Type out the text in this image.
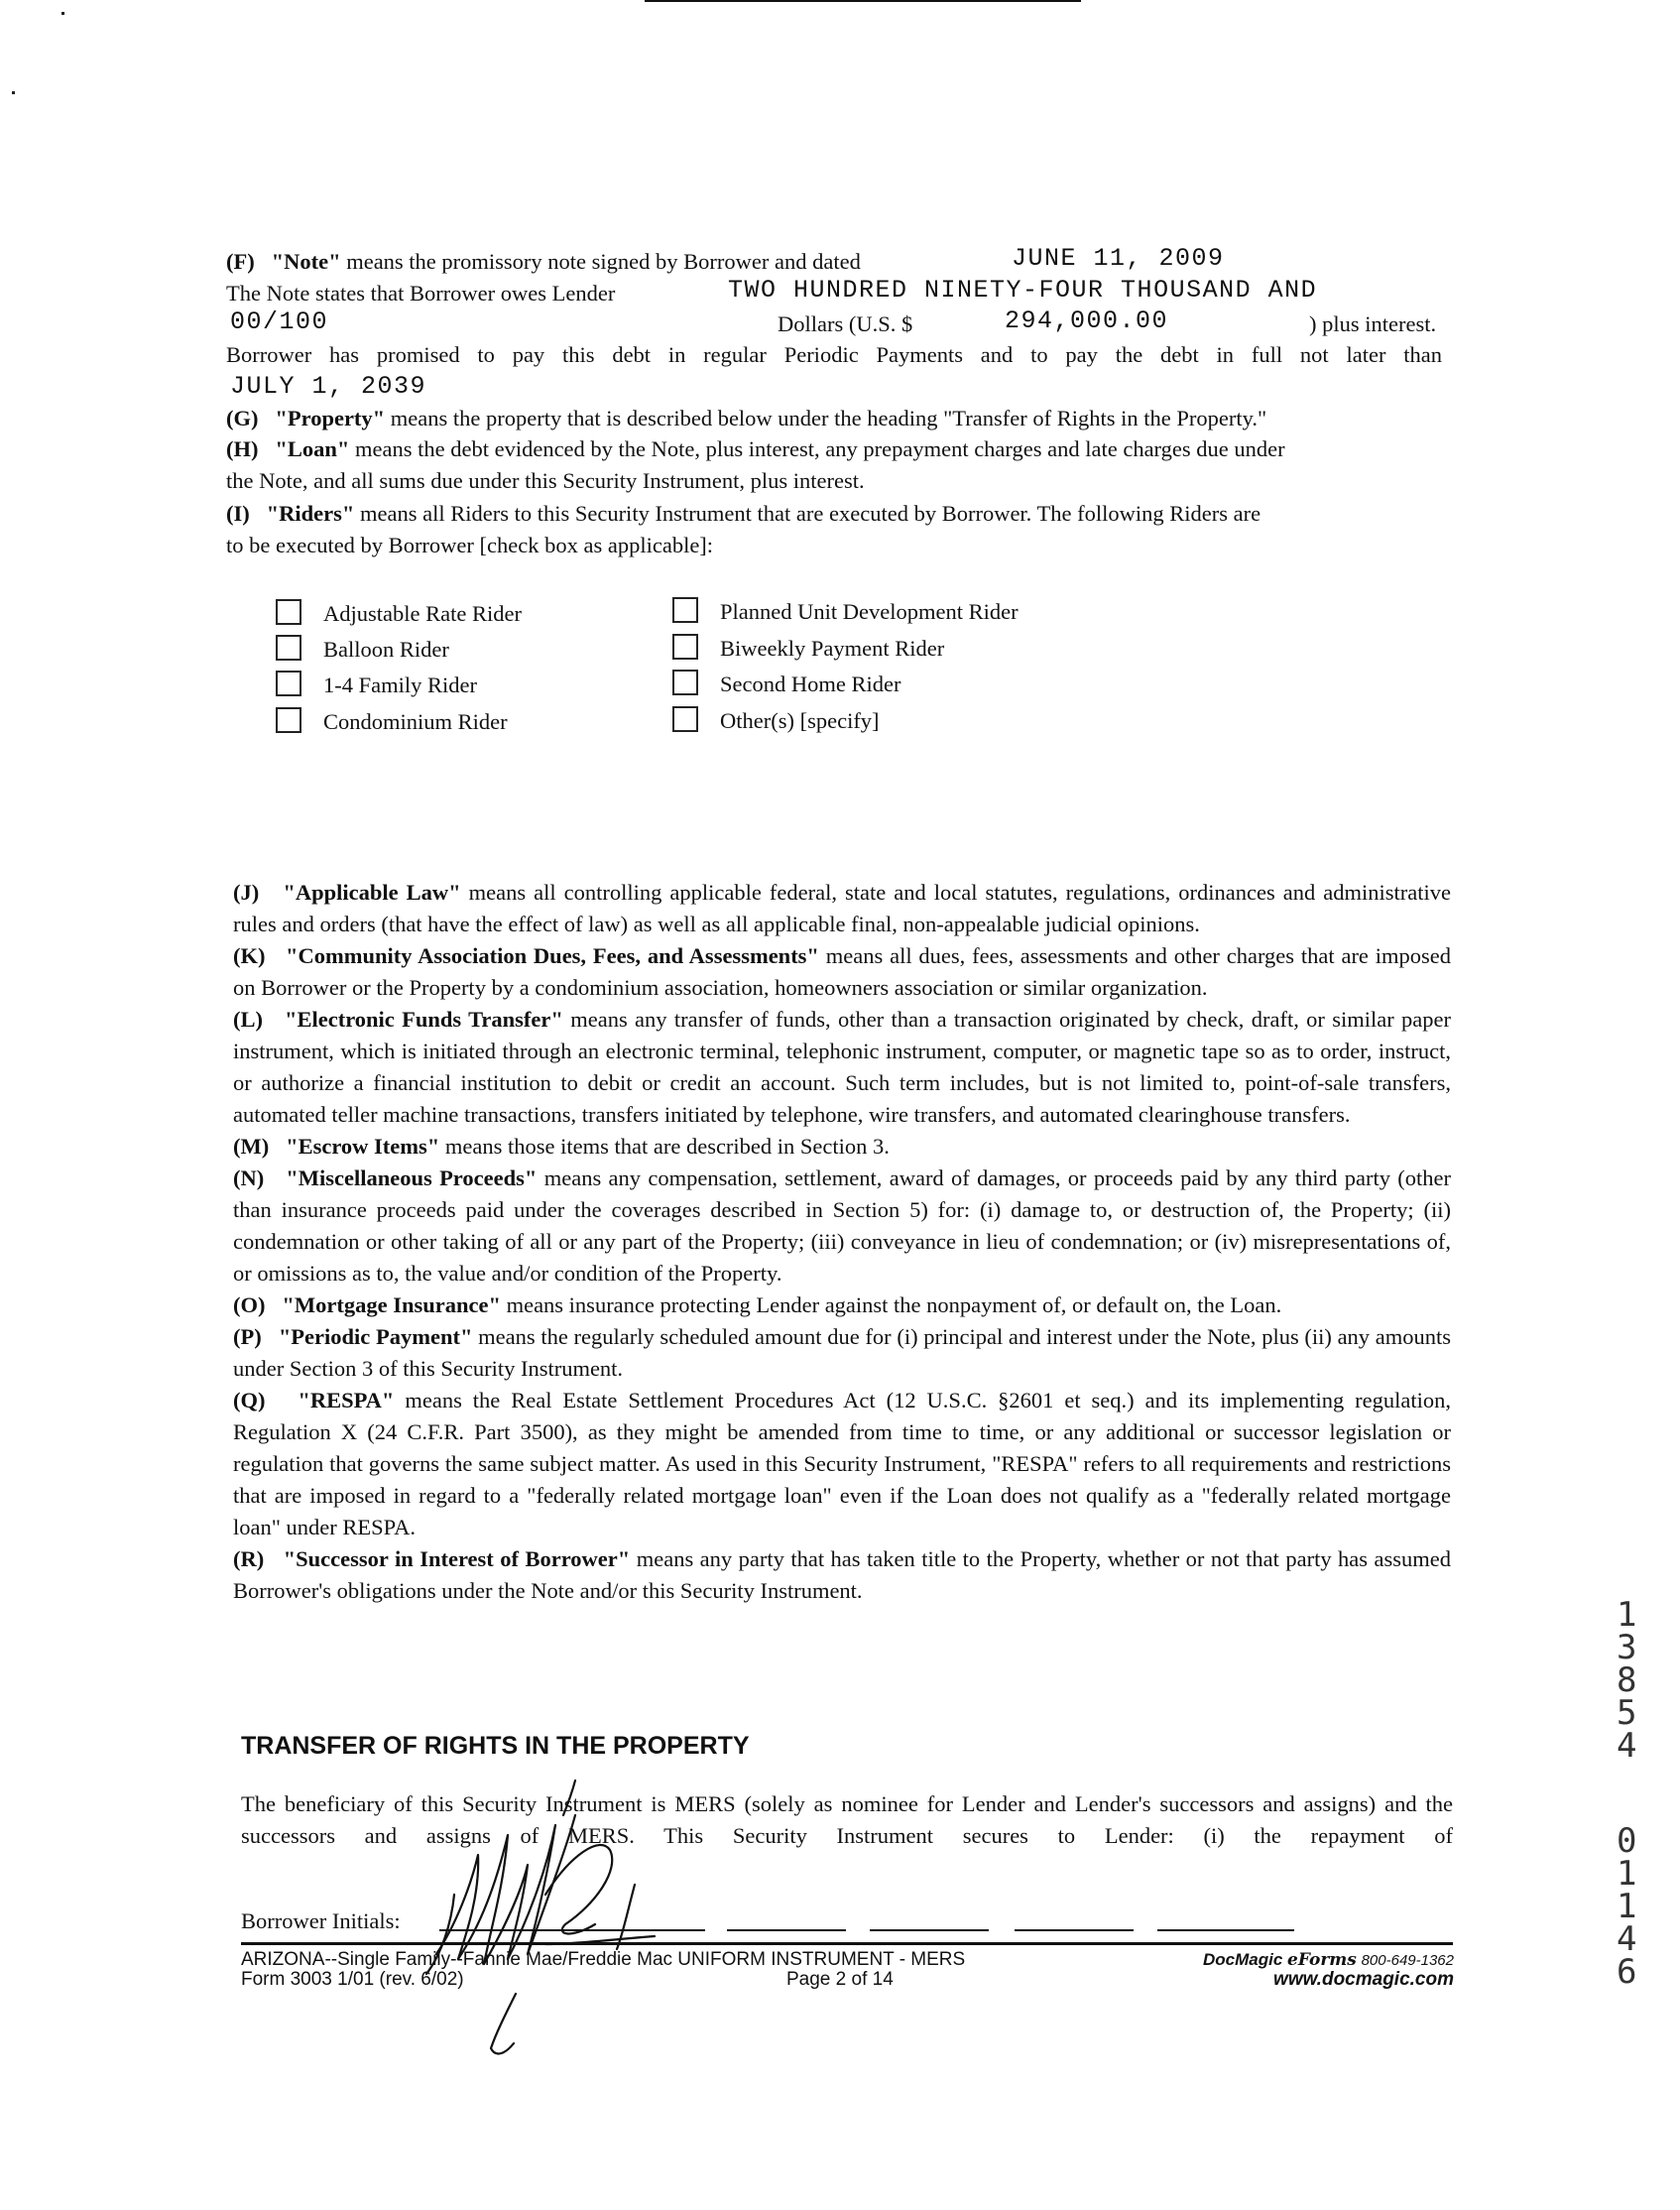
(F) "Note" means the promissory note signed by Borrower and dated	JUNE 11, 2009
The Note states that Borrower owes Lender	TWO HUNDRED NINETY-FOUR THOUSAND AND
00/100	Dollars (U.S. $	294,000.00	) plus interest.
Borrower has promised to pay this debt in regular Periodic Payments and to pay the debt in full not later than
JULY 1, 2039
(G) "Property" means the property that is described below under the heading "Transfer of Rights in the Property."
(H) "Loan" means the debt evidenced by the Note, plus interest, any prepayment charges and late charges due under
the Note, and all sums due under this Security Instrument, plus interest.
(I) "Riders" means all Riders to this Security Instrument that are executed by Borrower. The following Riders are
to be executed by Borrower [check box as applicable]:
Adjustable Rate Rider
Balloon Rider
1-4 Family Rider
Condominium Rider
Planned Unit Development Rider
Biweekly Payment Rider
Second Home Rider
Other(s) [specify]

(J) "Applicable Law" means all controlling applicable federal, state and local statutes, regulations, ordinances and administrative rules and orders (that have the effect of law) as well as all applicable final, non-appealable judicial opinions.

(K) "Community Association Dues, Fees, and Assessments" means all dues, fees, assessments and other charges that are imposed on Borrower or the Property by a condominium association, homeowners association or similar organization.

(L) "Electronic Funds Transfer" means any transfer of funds, other than a transaction originated by check, draft, or similar paper instrument, which is initiated through an electronic terminal, telephonic instrument, computer, or magnetic tape so as to order, instruct, or authorize a financial institution to debit or credit an account. Such term includes, but is not limited to, point-of-sale transfers, automated teller machine transactions, transfers initiated by telephone, wire transfers, and automated clearinghouse transfers.

(M) "Escrow Items" means those items that are described in Section 3.

(N) "Miscellaneous Proceeds" means any compensation, settlement, award of damages, or proceeds paid by any third party (other than insurance proceeds paid under the coverages described in Section 5) for: (i) damage to, or destruction of, the Property; (ii) condemnation or other taking of all or any part of the Property; (iii) conveyance in lieu of condemnation; or (iv) misrepresentations of, or omissions as to, the value and/or condition of the Property.

(O) "Mortgage Insurance" means insurance protecting Lender against the nonpayment of, or default on, the Loan.

(P) "Periodic Payment" means the regularly scheduled amount due for (i) principal and interest under the Note, plus (ii) any amounts under Section 3 of this Security Instrument.

(Q) "RESPA" means the Real Estate Settlement Procedures Act (12 U.S.C. §2601 et seq.) and its implementing regulation, Regulation X (24 C.F.R. Part 3500), as they might be amended from time to time, or any additional or successor legislation or regulation that governs the same subject matter. As used in this Security Instrument, "RESPA" refers to all requirements and restrictions that are imposed in regard to a "federally related mortgage loan" even if the Loan does not qualify as a "federally related mortgage loan" under RESPA.

(R) "Successor in Interest of Borrower" means any party that has taken title to the Property, whether or not that party has assumed Borrower's obligations under the Note and/or this Security Instrument.

TRANSFER OF RIGHTS IN THE PROPERTY
The beneficiary of this Security Instrument is MERS (solely as nominee for Lender and Lender's successors and assigns) and the successors and assigns of MERS. This Security Instrument secures to Lender: (i) the repayment of
Borrower Initials:
ARIZONA--Single Family--Fannie Mae/Freddie Mac UNIFORM INSTRUMENT - MERS
Form 3003 1/01 (rev. 6/02)	Page 2 of 14
DocMagic eForms 800-649-1362
www.docmagic.com
1 3 8 5 4
0 1 1 4 6
